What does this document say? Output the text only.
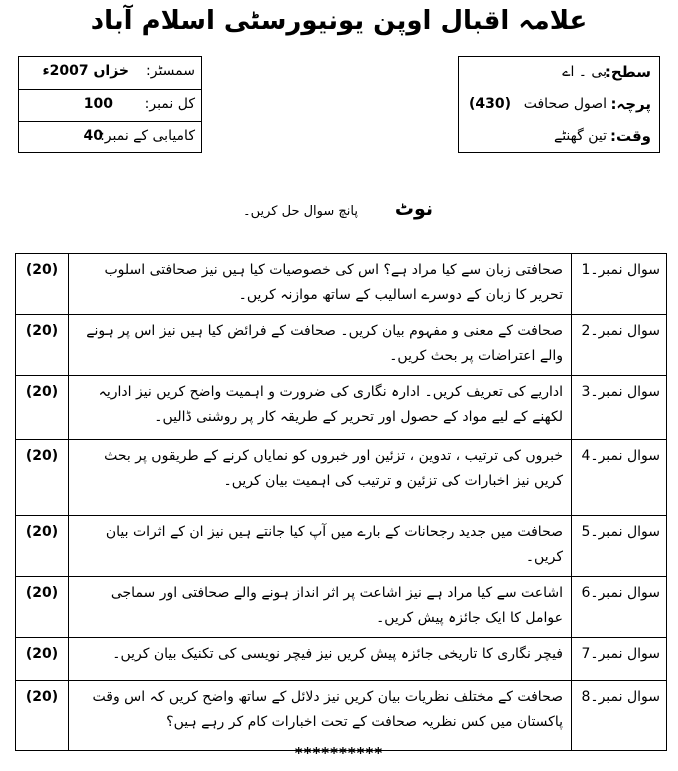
علامہ اقبال اوپن یونیورسٹی اسلام آباد
سمسٹر:
خزاں 2007ء
کل نمبر:
100
کامیابی کے نمبر:
40
سطح:
بی ۔ اے
پرچہ:
اصول صحافت
(430)
وقت:
تین گھنٹے
نوٹ
پانچ سوال حل کریں۔
(20)	صحافتی زبان سے کیا مراد ہے؟ اس کی خصوصیات کیا ہیں نیز صحافتی اسلوب تحریر کا زبان کے دوسرے اسالیب کے ساتھ موازنہ کریں۔	سوال نمبر۔1
(20)	صحافت کے معنی و مفہوم بیان کریں۔ صحافت کے فرائض کیا ہیں نیز اس پر ہونے والے اعتراضات پر بحث کریں۔	سوال نمبر۔2
(20)	اداریے کی تعریف کریں۔ ادارہ نگاری کی ضرورت و اہمیت واضح کریں نیز اداریہ لکھنے کے لیے مواد کے حصول اور تحریر کے طریقہ کار پر روشنی ڈالیں۔	سوال نمبر۔3
(20)	خبروں کی ترتیب ، تدوین ، تزئین اور خبروں کو نمایاں کرنے کے طریقوں پر بحث کریں نیز اخبارات کی تزئین و ترتیب کی اہمیت بیان کریں۔	سوال نمبر۔4
(20)	صحافت میں جدید رجحانات کے بارے میں آپ کیا جانتے ہیں نیز ان کے اثرات بیان کریں۔	سوال نمبر۔5
(20)	اشاعت سے کیا مراد ہے نیز اشاعت پر اثر انداز ہونے والے صحافتی اور سماجی عوامل کا ایک جائزہ پیش کریں۔	سوال نمبر۔6
(20)	فیچر نگاری کا تاریخی جائزہ پیش کریں نیز فیچر نویسی کی تکنیک بیان کریں۔	سوال نمبر۔7
(20)	صحافت کے مختلف نظریات بیان کریں نیز دلائل کے ساتھ واضح کریں کہ اس وقت پاکستان میں کس نظریہ صحافت کے تحت اخبارات کام کر رہے ہیں؟	سوال نمبر۔8
**********
